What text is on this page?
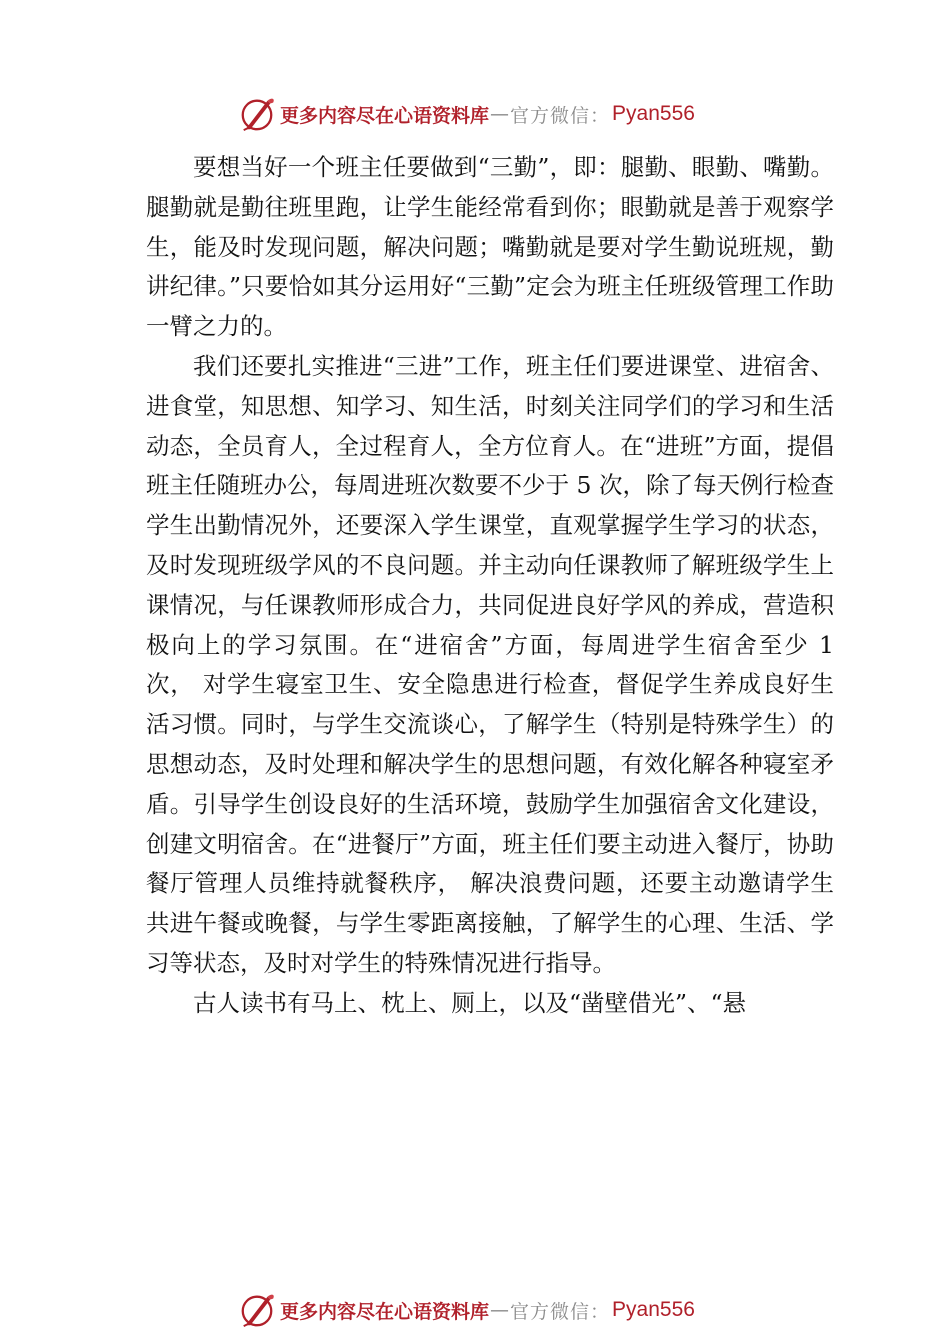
更多内容尽在心语资料库 — 官方微信： Pyan556

要想当好一个班主任要做到“三勤”，即：腿勤、眼勤、嘴勤。腿勤就是勤往班里跑，让学生能经常看到你；眼勤就是善于观察学生，能及时发现问题，解决问题；嘴勤就是要对学生勤说班规，勤讲纪律。”只要恰如其分运用好“三勤”定会为班主任班级管理工作助一臂之力的。

我们还要扎实推进“三进”工作，班主任们要进课堂、进宿舍、进食堂，知思想、知学习、知生活，时刻关注同学们的学习和生活动态，全员育人，全过程育人，全方位育人。在“进班”方面，提倡班主任随班办公，每周进班次数要不少于 5 次，除了每天例行检查学生出勤情况外，还要深入学生课堂，直观掌握学生学习的状态，及时发现班级学风的不良问题。并主动向任课教师了解班级学生上课情况，与任课教师形成合力，共同促进良好学风的养成，营造积极向上的学习氛围。在“进宿舍”方面，每周进学生宿舍至少 1 次， 对学生寝室卫生、安全隐患进行检查，督促学生养成良好生活习惯。同时，与学生交流谈心，了解学生（特别是特殊学生）的思想动态，及时处理和解决学生的思想问题，有效化解各种寝室矛盾。引导学生创设良好的生活环境，鼓励学生加强宿舍文化建设，创建文明宿舍。在“进餐厅”方面，班主任们要主动进入餐厅，协助餐厅管理人员维持就餐秩序， 解决浪费问题，还要主动邀请学生共进午餐或晚餐，与学生零距离接触，了解学生的心理、生活、学习等状态，及时对学生的特殊情况进行指导。

古人读书有马上、枕上、厕上，以及“凿壁借光”、“悬

更多内容尽在心语资料库 — 官方微信： Pyan556
